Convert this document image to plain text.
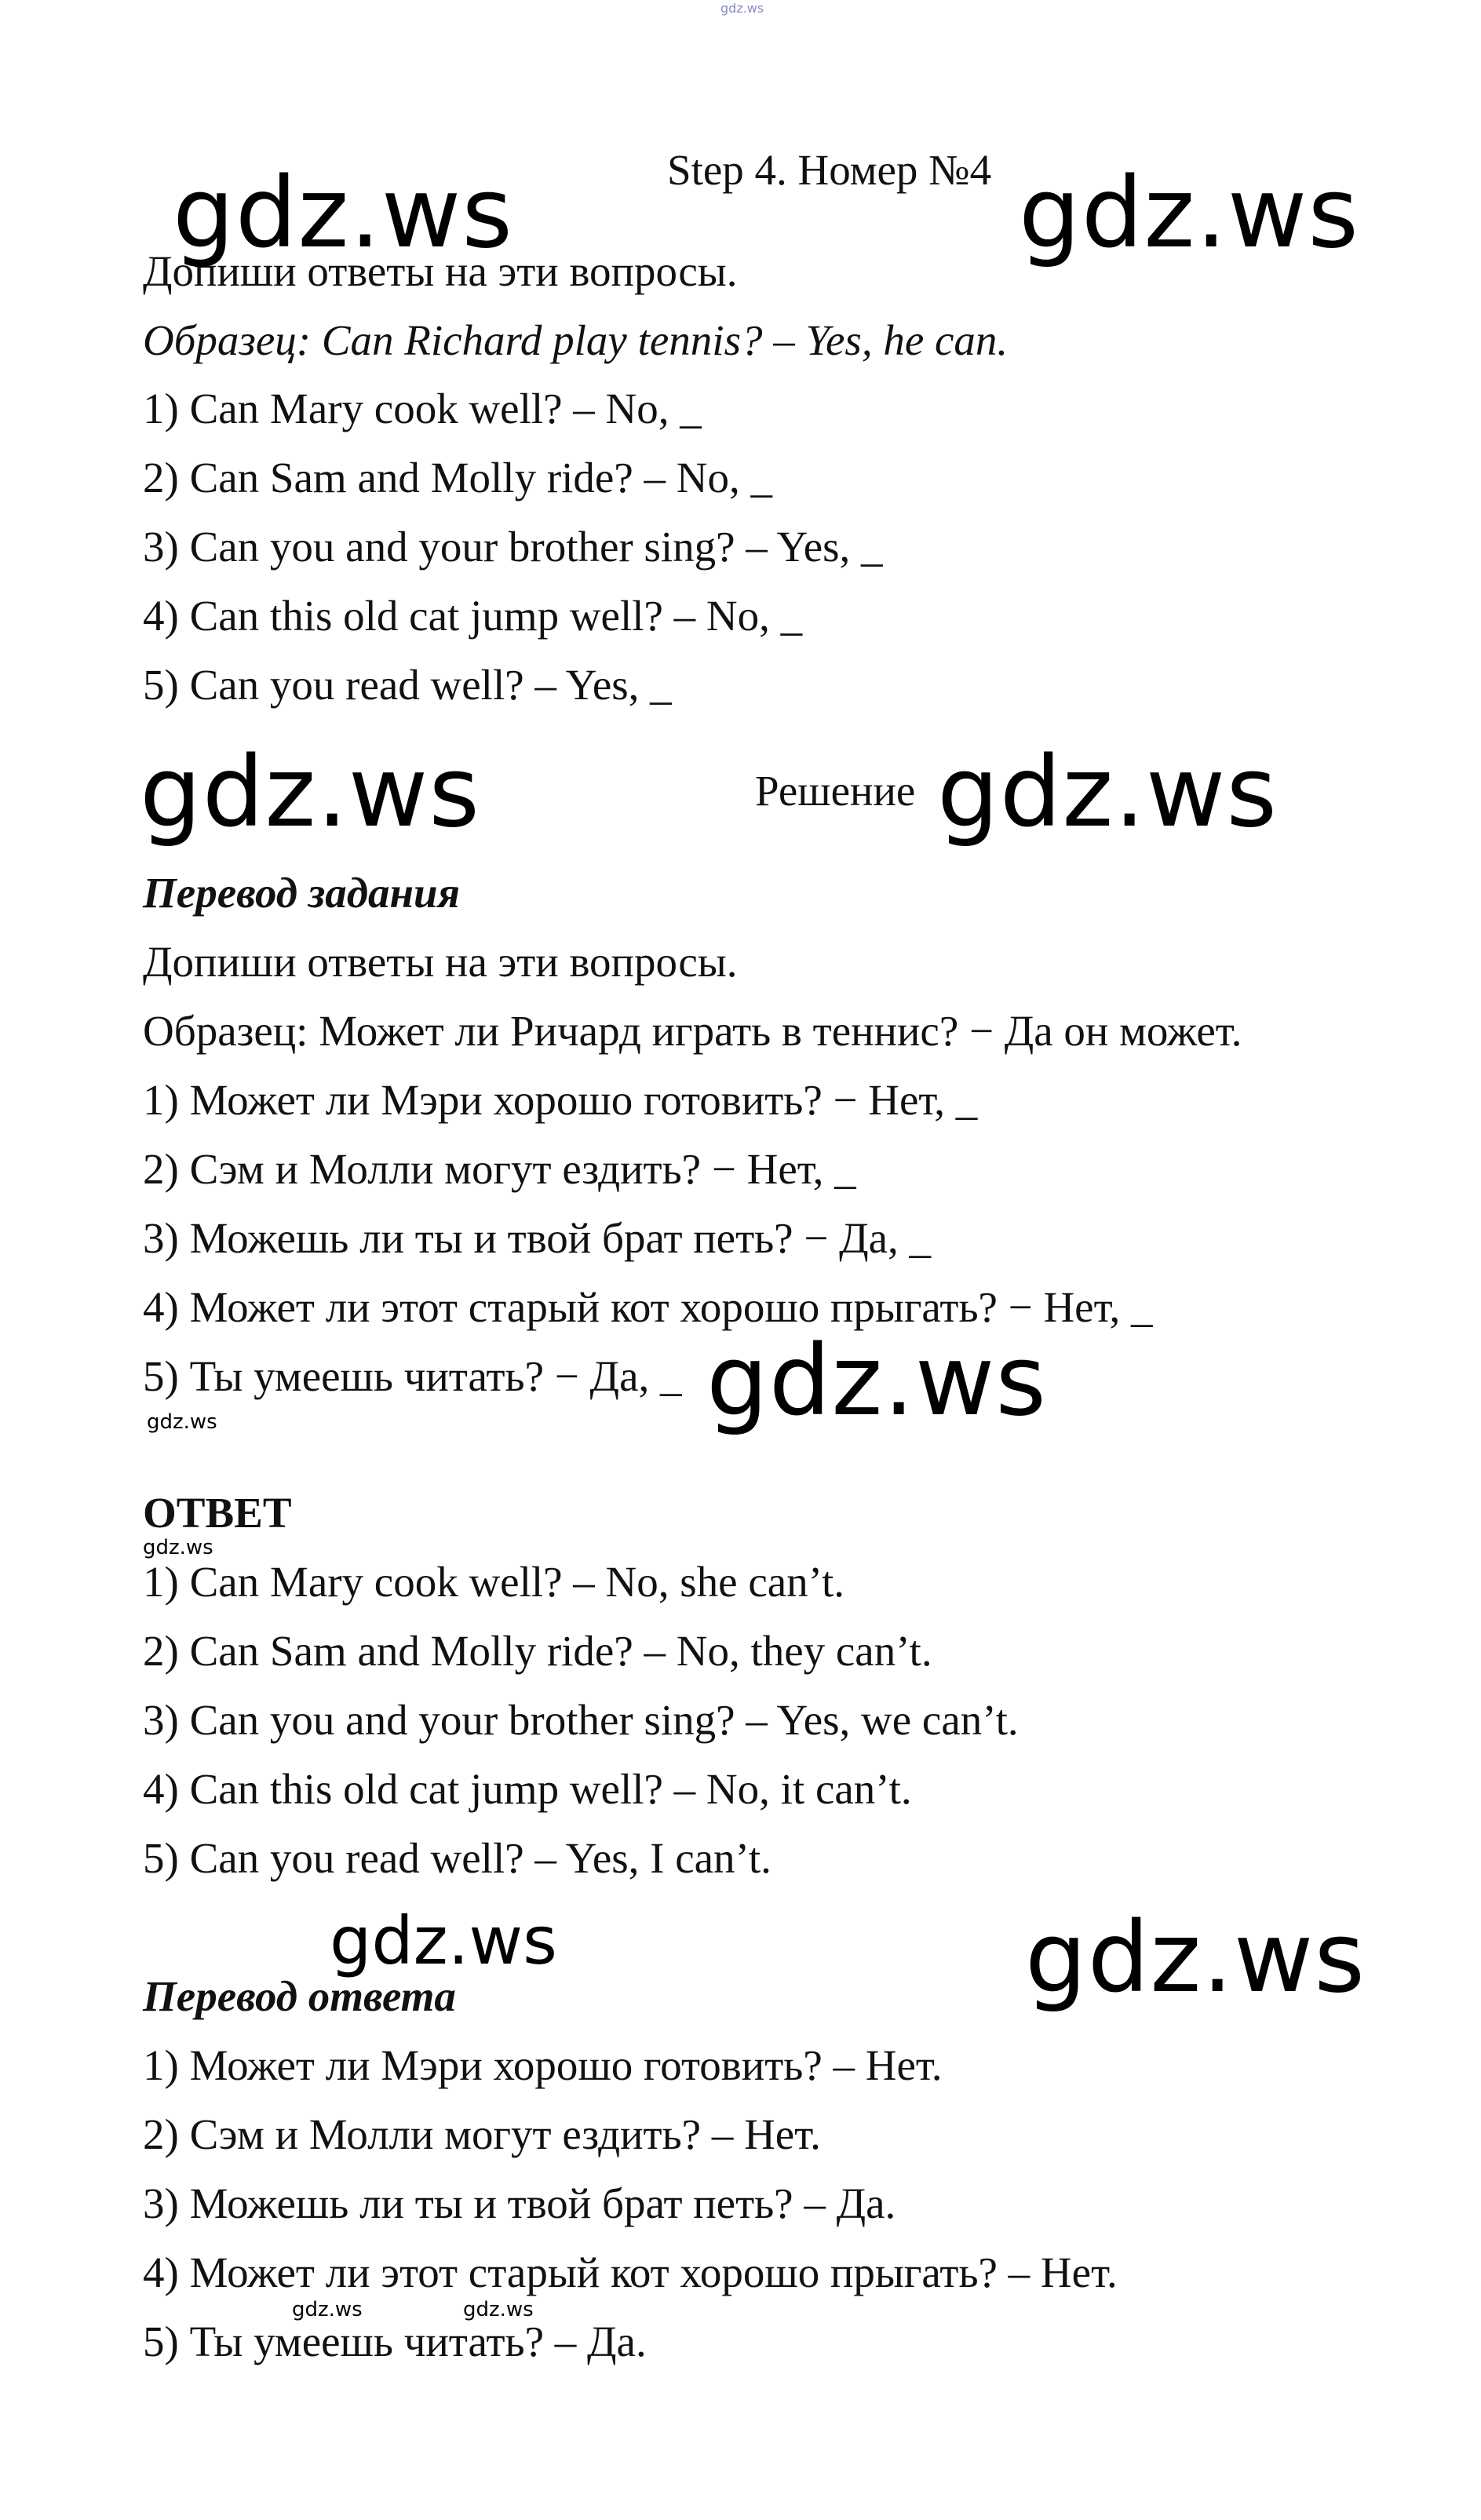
gdz.ws
Step 4. Номер №4
Допиши ответы на эти вопросы.
Образец: Can Richard play tennis? – Yes, he can.
1) Can Mary cook well? – No, _
2) Can Sam and Molly ride? – No, _
3) Can you and your brother sing? – Yes, _
4) Can this old cat jump well? – No, _
5) Can you read well? – Yes, _
Решение
Перевод задания
Допиши ответы на эти вопросы.
Образец: Может ли Ричард играть в теннис? − Да он может.
1) Может ли Мэри хорошо готовить? − Нет, _
2) Сэм и Молли могут ездить? − Нет, _
3) Можешь ли ты и твой брат петь? − Да, _
4) Может ли этот старый кот хорошо прыгать? − Нет, _
5) Ты умеешь читать? − Да, _
ОТВЕТ
1) Can Mary cook well? – No, she can’t.
2) Can Sam and Molly ride? – No, they can’t.
3) Can you and your brother sing? – Yes, we can’t.
4) Can this old cat jump well? – No, it can’t.
5) Can you read well? – Yes, I can’t.
Перевод ответа
1) Может ли Мэри хорошо готовить? – Нет.
2) Сэм и Молли могут ездить? – Нет.
3) Можешь ли ты и твой брат петь? – Да.
4) Может ли этот старый кот хорошо прыгать? – Нет.
5) Ты умеешь читать? – Да.
gdz.ws	gdz.ws
gdz.ws	gdz.ws
gdz.ws
gdz.ws	gdz.ws
gdz.ws
gdz.ws
gdz.ws	gdz.ws
